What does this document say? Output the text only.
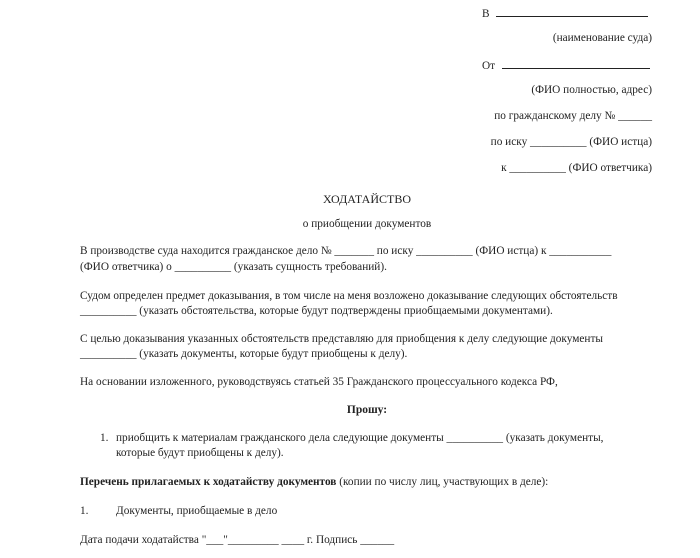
В
(наименование суда)
От
(ФИО полностью, адрес)
по гражданскому делу № ______
по иску __________ (ФИО истца)
к __________ (ФИО ответчика)
ХОДАТАЙСТВО
о приобщении документов
В производстве суда находится гражданское дело № _______ по иску __________ (ФИО истца) к ___________
(ФИО ответчика) о __________ (указать сущность требований).
Судом определен предмет доказывания, в том числе на меня возложено доказывание следующих обстоятельств
__________ (указать обстоятельства, которые будут подтверждены приобщаемыми документами).
С целью доказывания указанных обстоятельств представляю для приобщения к делу следующие документы
__________ (указать документы, которые будут приобщены к делу).
На основании изложенного, руководствуясь статьей 35 Гражданского процессуального кодекса РФ,
Прошу:
1. приобщить к материалам гражданского дела следующие документы __________ (указать документы,
которые будут приобщены к делу).
Перечень прилагаемых к ходатайству документов (копии по числу лиц, участвующих в деле):
1. Документы, приобщаемые в дело
Дата подачи ходатайства "___"_________ ____ г. Подпись ______
